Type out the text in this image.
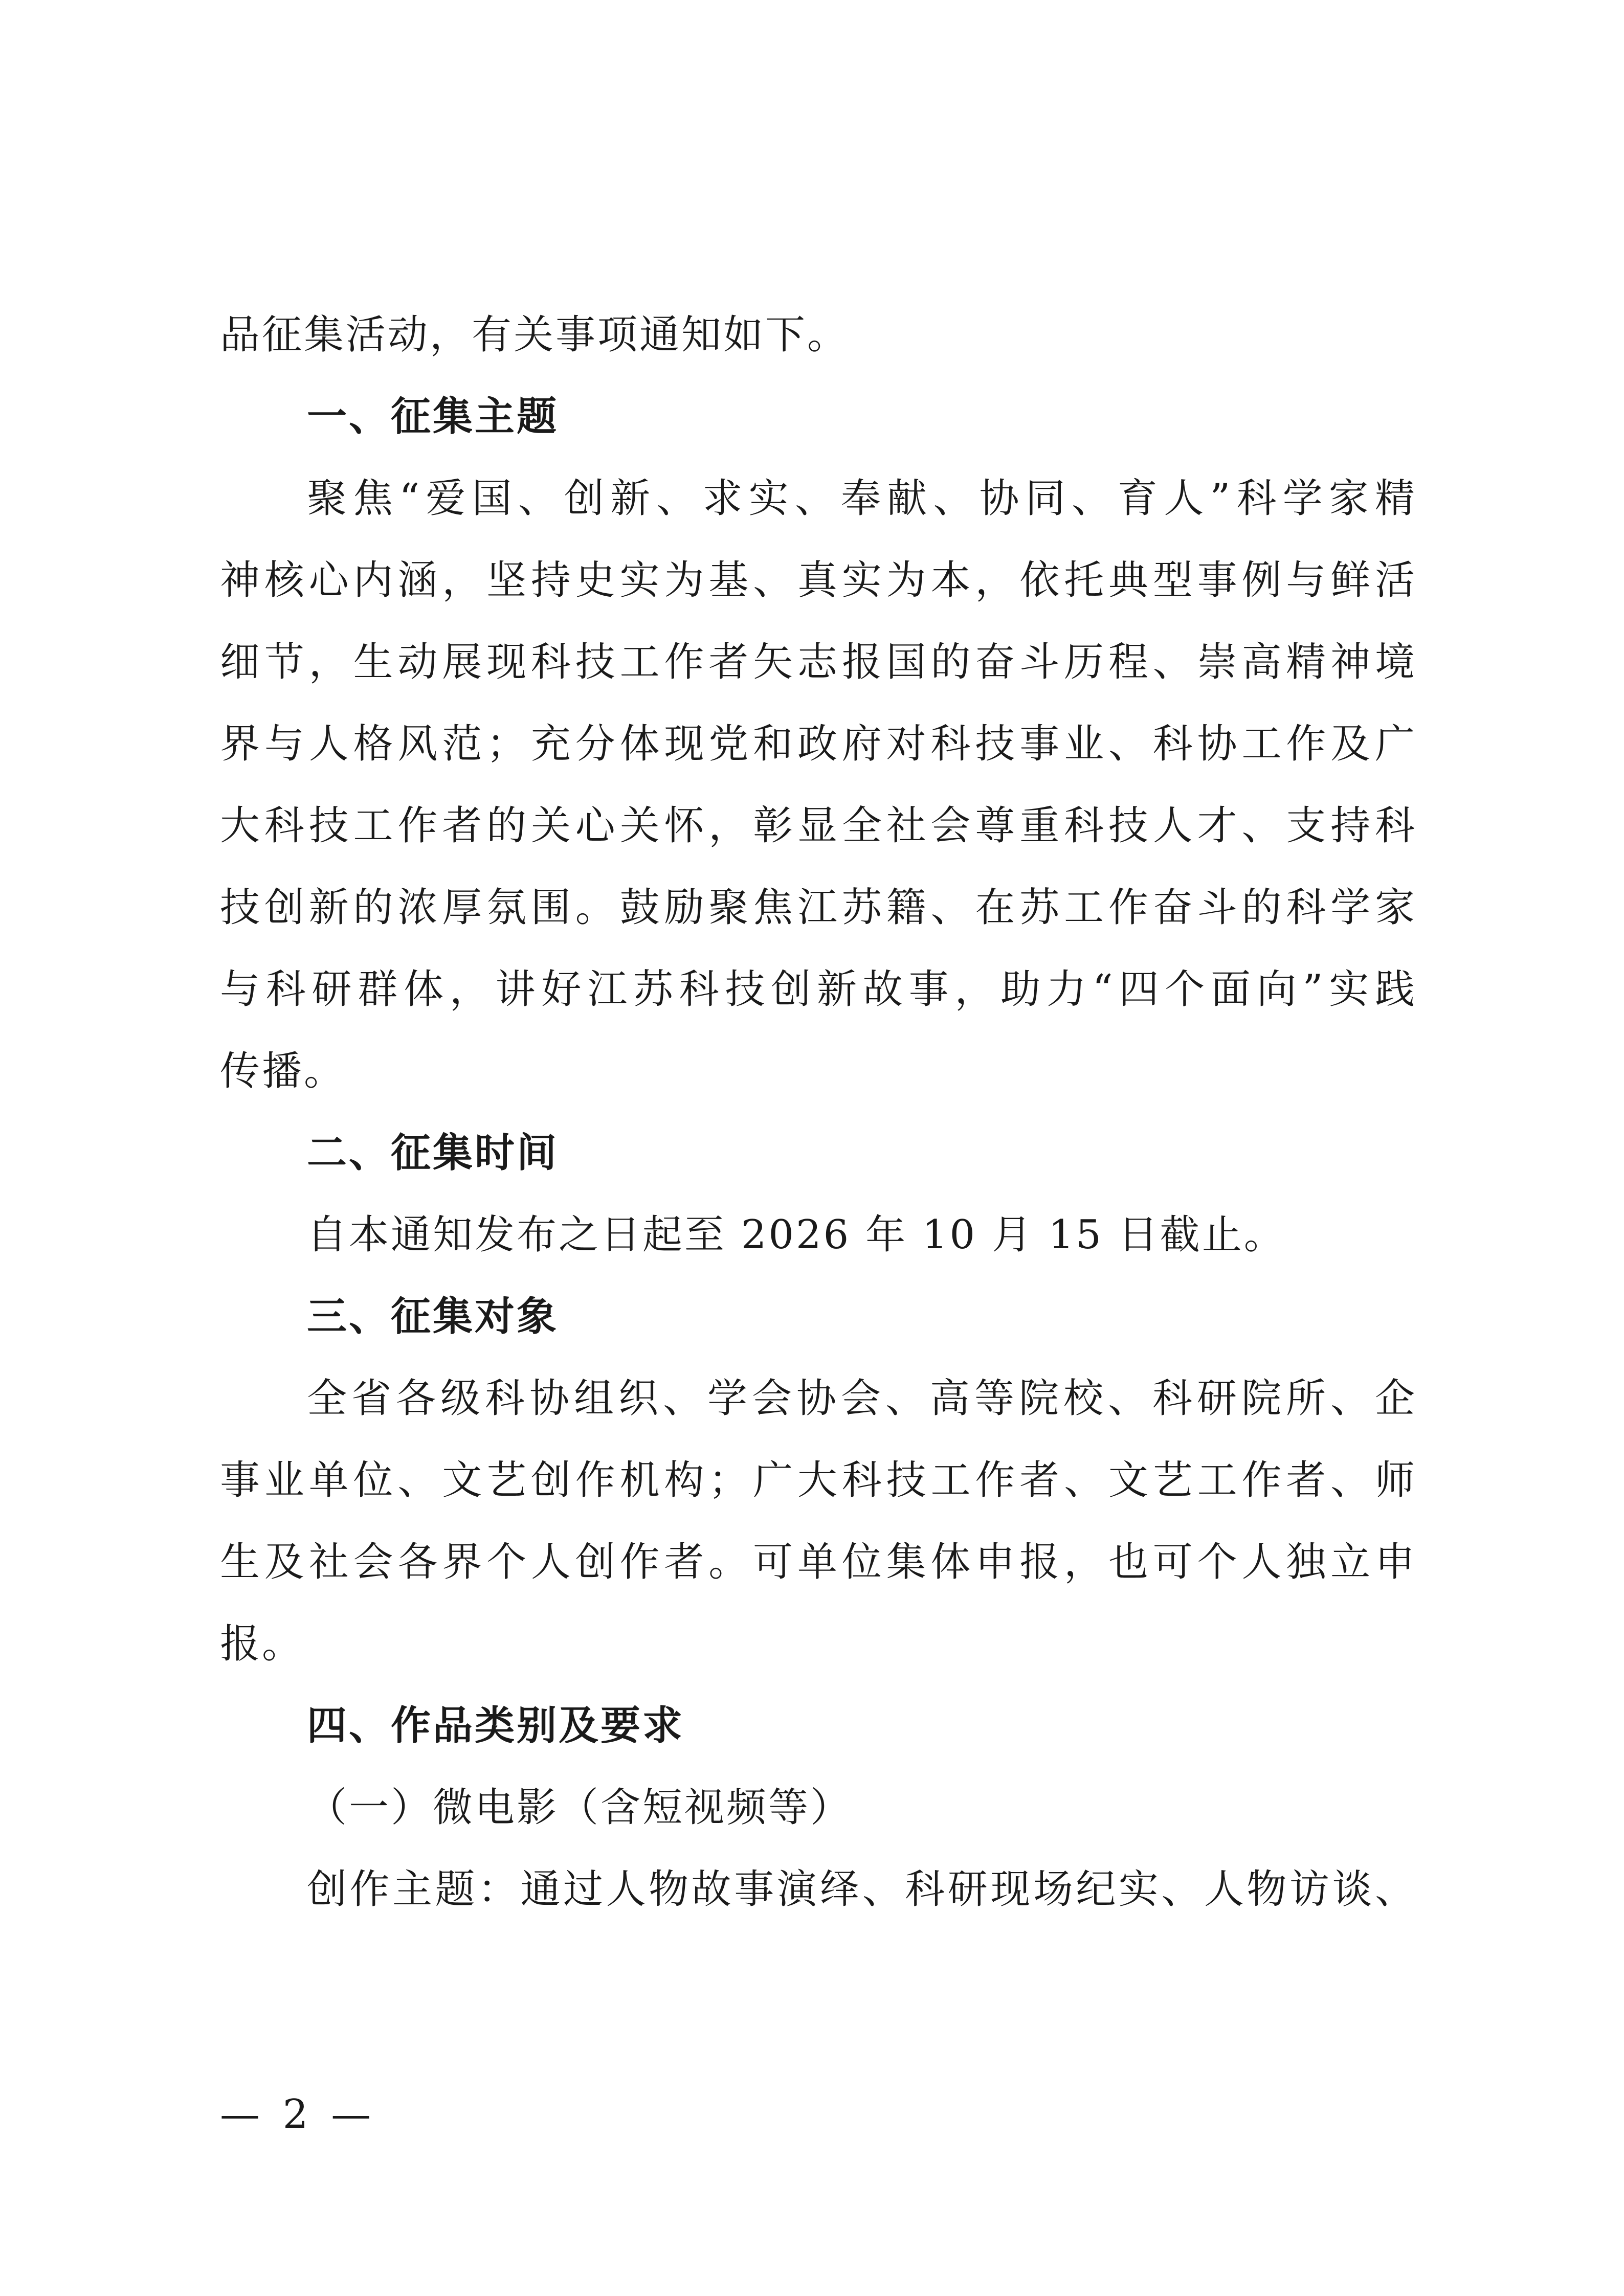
品征集活动，有关事项通知如下。
一、征集主题
聚焦“爱国、创新、求实、奉献、协同、育人”科学家精
神核心内涵，坚持史实为基、真实为本，依托典型事例与鲜活
细节，生动展现科技工作者矢志报国的奋斗历程、崇高精神境
界与人格风范；充分体现党和政府对科技事业、科协工作及广
大科技工作者的关心关怀，彰显全社会尊重科技人才、支持科
技创新的浓厚氛围。鼓励聚焦江苏籍、在苏工作奋斗的科学家
与科研群体，讲好江苏科技创新故事，助力“四个面向”实践
传播。
二、征集时间
自本通知发布之日起至 2026 年 10 月 15 日截止。
三、征集对象
全省各级科协组织、学会协会、高等院校、科研院所、企
事业单位、文艺创作机构；广大科技工作者、文艺工作者、师
生及社会各界个人创作者。可单位集体申报，也可个人独立申
报。
四、作品类别及要求
（一）微电影（含短视频等）
创作主题：通过人物故事演绎、科研现场纪实、人物访谈、
— 2 —
